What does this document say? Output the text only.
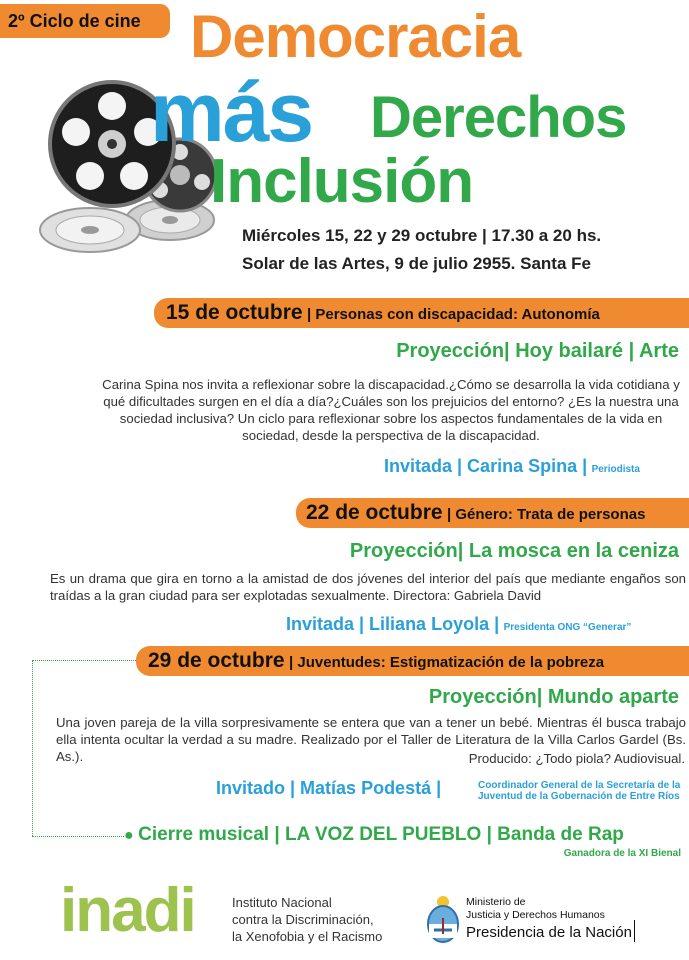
2º Ciclo de cine Democracia
más Derechos
Inclusión
Miércoles 15, 22 y 29 octubre | 17.30 a 20 hs.
Solar de las Artes, 9 de julio 2955. Santa Fe
15 de octubre | Personas con discapacidad: Autonomía
Proyección| Hoy bailaré | Arte
Carina Spina nos invita a reflexionar sobre la discapacidad.¿Cómo se desarrolla la vida cotidiana y qué dificultades surgen en el día a día?¿Cuáles son los prejuicios del entorno? ¿Es la nuestra una sociedad inclusiva? Un ciclo para reflexionar sobre los aspectos fundamentales de la vida en sociedad, desde la perspectiva de la discapacidad.
Invitada | Carina Spina | Periodista
22 de octubre | Género: Trata de personas
Proyección| La mosca en la ceniza
Es un drama que gira en torno a la amistad de dos jóvenes del interior del país que mediante engaños son traídas a la gran ciudad para ser explotadas sexualmente. Directora: Gabriela David
Invitada | Liliana Loyola | Presidenta ONG “Generar”
29 de octubre | Juventudes: Estigmatización de la pobreza
Proyección| Mundo aparte
Una joven pareja de la villa sorpresivamente se entera que van a tener un bebé. Mientras él busca trabajo ella intenta ocultar la verdad a su madre. Realizado por el Taller de Literatura de la Villa Carlos Gardel (Bs. As.).	Producido: ¿Todo piola? Audiovisual.
Invitado | Matías Podestá |	Coordinador General de la Secretaría de la
Juventud de la Gobernación de Entre Ríos
● Cierre musical | LA VOZ DEL PUEBLO | Banda de Rap
Ganadora de la XI Bienal
inadi	Instituto Nacional
contra la Discriminación,
la Xenofobia y el Racismo
Ministerio de
Justicia y Derechos Humanos
Presidencia de la Nación
